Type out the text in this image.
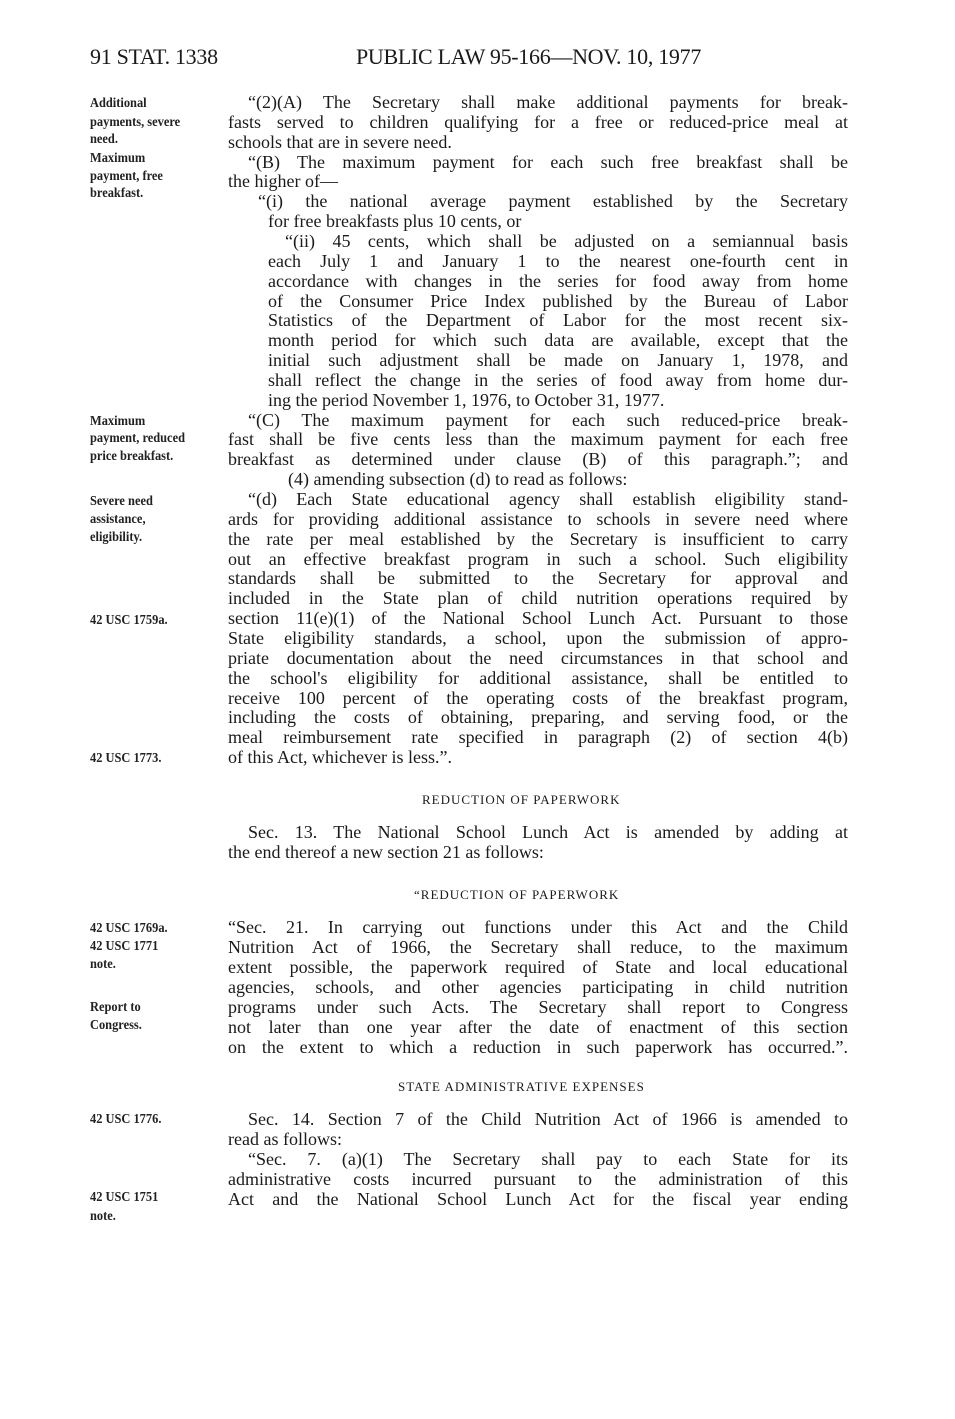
91 STAT. 1338	PUBLIC LAW 95-166—NOV. 10, 1977
REDUCTION OF PAPERWORK
“REDUCTION OF PAPERWORK
STATE ADMINISTRATIVE EXPENSES
“(2)(A) The Secretary shall make additional payments for break-
fasts served to children qualifying for a free or reduced-price meal at
schools that are in severe need.
“(B) The maximum payment for each such free breakfast shall be
the higher of—
“(i) the national average payment established by the Secretary
for free breakfasts plus 10 cents, or
“(ii) 45 cents, which shall be adjusted on a semiannual basis
each July 1 and January 1 to the nearest one-fourth cent in
accordance with changes in the series for food away from home
of the Consumer Price Index published by the Bureau of Labor
Statistics of the Department of Labor for the most recent six-
month period for which such data are available, except that the
initial such adjustment shall be made on January 1, 1978, and
shall reflect the change in the series of food away from home dur-
ing the period November 1, 1976, to October 31, 1977.
“(C) The maximum payment for each such reduced-price break-
fast shall be five cents less than the maximum payment for each free
breakfast as determined under clause (B) of this paragraph.”; and
(4) amending subsection (d) to read as follows:
“(d) Each State educational agency shall establish eligibility stand-
ards for providing additional assistance to schools in severe need where
the rate per meal established by the Secretary is insufficient to carry
out an effective breakfast program in such a school. Such eligibility
standards shall be submitted to the Secretary for approval and
included in the State plan of child nutrition operations required by
section 11(e)(1) of the National School Lunch Act. Pursuant to those
State eligibility standards, a school, upon the submission of appro-
priate documentation about the need circumstances in that school and
the school's eligibility for additional assistance, shall be entitled to
receive 100 percent of the operating costs of the breakfast program,
including the costs of obtaining, preparing, and serving food, or the
meal reimbursement rate specified in paragraph (2) of section 4(b)
of this Act, whichever is less.”.
Sec. 13. The National School Lunch Act is amended by adding at
the end thereof a new section 21 as follows:
“Sec. 21. In carrying out functions under this Act and the Child
Nutrition Act of 1966, the Secretary shall reduce, to the maximum
extent possible, the paperwork required of State and local educational
agencies, schools, and other agencies participating in child nutrition
programs under such Acts. The Secretary shall report to Congress
not later than one year after the date of enactment of this section
on the extent to which a reduction in such paperwork has occurred.”.
Sec. 14. Section 7 of the Child Nutrition Act of 1966 is amended to
read as follows:
“Sec. 7. (a)(1) The Secretary shall pay to each State for its
administrative costs incurred pursuant to the administration of this
Act and the National School Lunch Act for the fiscal year ending
Additional
payments, severe
need.
Maximum
payment, free
breakfast.
Maximum
payment, reduced
price breakfast.
Severe need
assistance,
eligibility.
42 USC 1759a.
42 USC 1773.
42 USC 1769a.
42 USC 1771
note.
Report to
Congress.
42 USC 1776.
42 USC 1751
note.
